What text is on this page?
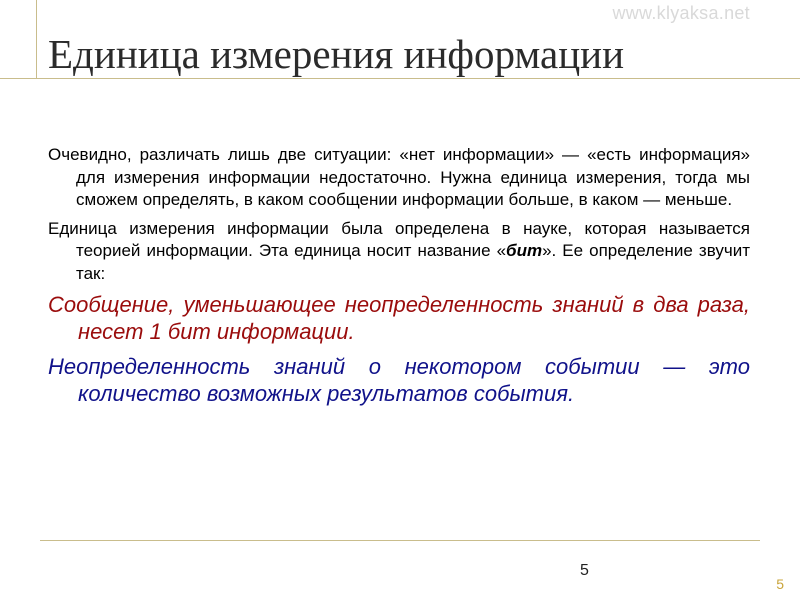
www.klyaksa.net
Единица измерения информации

Очевидно, различать лишь две ситуации: «нет информации» — «есть информация» для измерения информации недостаточно. Нужна единица измерения, тогда мы сможем определять, в каком сообщении информации больше, в каком — меньше.

Единица измерения информации была определена в науке, которая называется теорией информации. Эта единица носит название «бит». Ее определение звучит так:

Сообщение, уменьшающее неопределенность знаний в два раза, несет 1 бит информации.

Неопределенность знаний о некотором событии — это количество возможных результатов события.

5
5
